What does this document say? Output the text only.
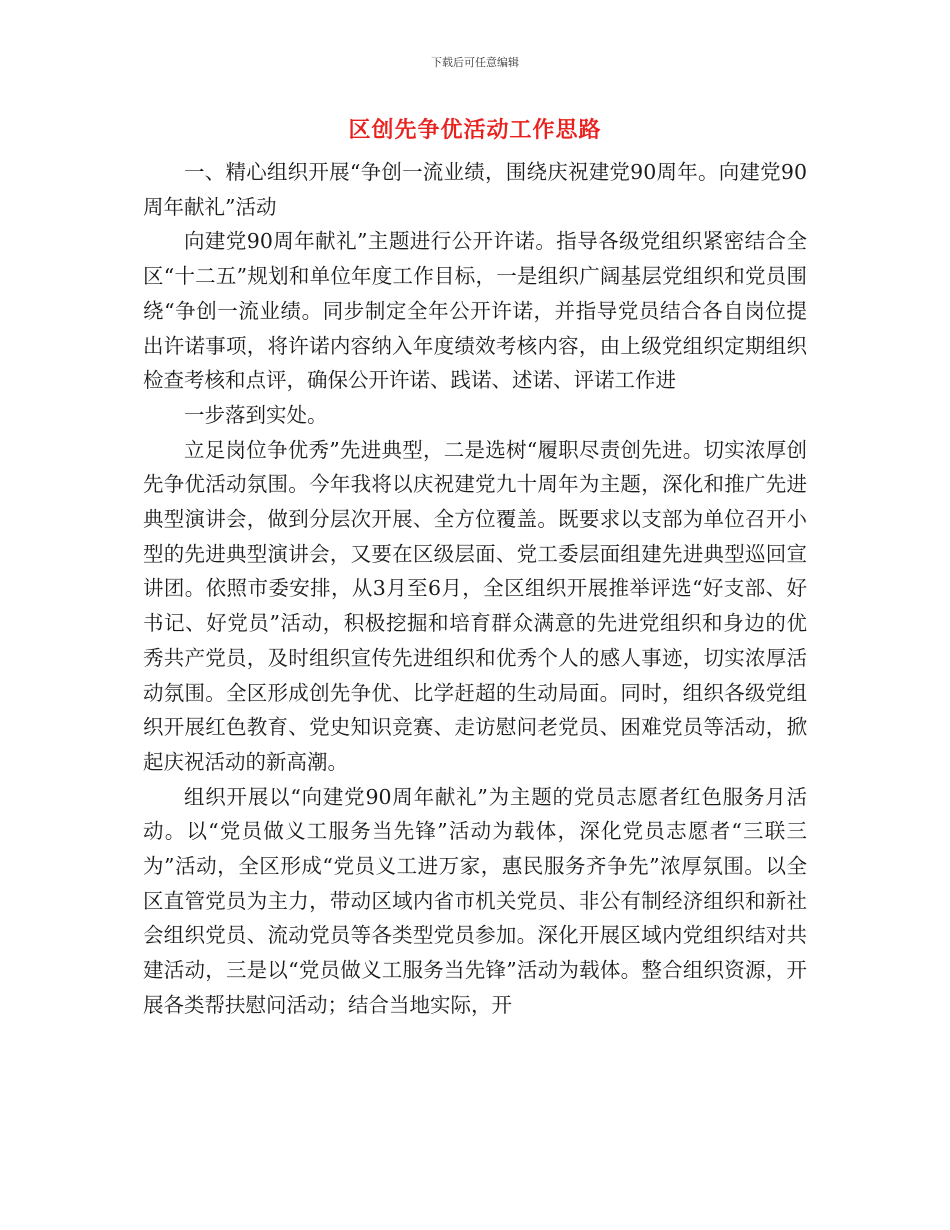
下载后可任意编辑
区创先争优活动工作思路

一、精心组织开展“争创一流业绩，围绕庆祝建党90周年。向建党90周年献礼”活动

向建党90周年献礼”主题进行公开许诺。指导各级党组织紧密结合全区“十二五”规划和单位年度工作目标，一是组织广阔基层党组织和党员围绕“争创一流业绩。同步制定全年公开许诺，并指导党员结合各自岗位提出许诺事项，将许诺内容纳入年度绩效考核内容，由上级党组织定期组织检查考核和点评，确保公开许诺、践诺、述诺、评诺工作进

一步落到实处。

立足岗位争优秀”先进典型，二是选树“履职尽责创先进。切实浓厚创先争优活动氛围。今年我将以庆祝建党九十周年为主题，深化和推广先进典型演讲会，做到分层次开展、全方位覆盖。既要求以支部为单位召开小型的先进典型演讲会，又要在区级层面、党工委层面组建先进典型巡回宣讲团。依照市委安排，从3月至6月，全区组织开展推举评选“好支部、好书记、好党员”活动，积极挖掘和培育群众满意的先进党组织和身边的优秀共产党员，及时组织宣传先进组织和优秀个人的感人事迹，切实浓厚活动氛围。全区形成创先争优、比学赶超的生动局面。同时，组织各级党组织开展红色教育、党史知识竞赛、走访慰问老党员、困难党员等活动，掀起庆祝活动的新高潮。

组织开展以“向建党90周年献礼”为主题的党员志愿者红色服务月活动。以“党员做义工服务当先锋”活动为载体，深化党员志愿者“三联三为”活动，全区形成“党员义工进万家，惠民服务齐争先”浓厚氛围。以全区直管党员为主力，带动区域内省市机关党员、非公有制经济组织和新社会组织党员、流动党员等各类型党员参加。深化开展区域内党组织结对共建活动，三是以“党员做义工服务当先锋”活动为载体。整合组织资源，开展各类帮扶慰问活动；结合当地实际，开
